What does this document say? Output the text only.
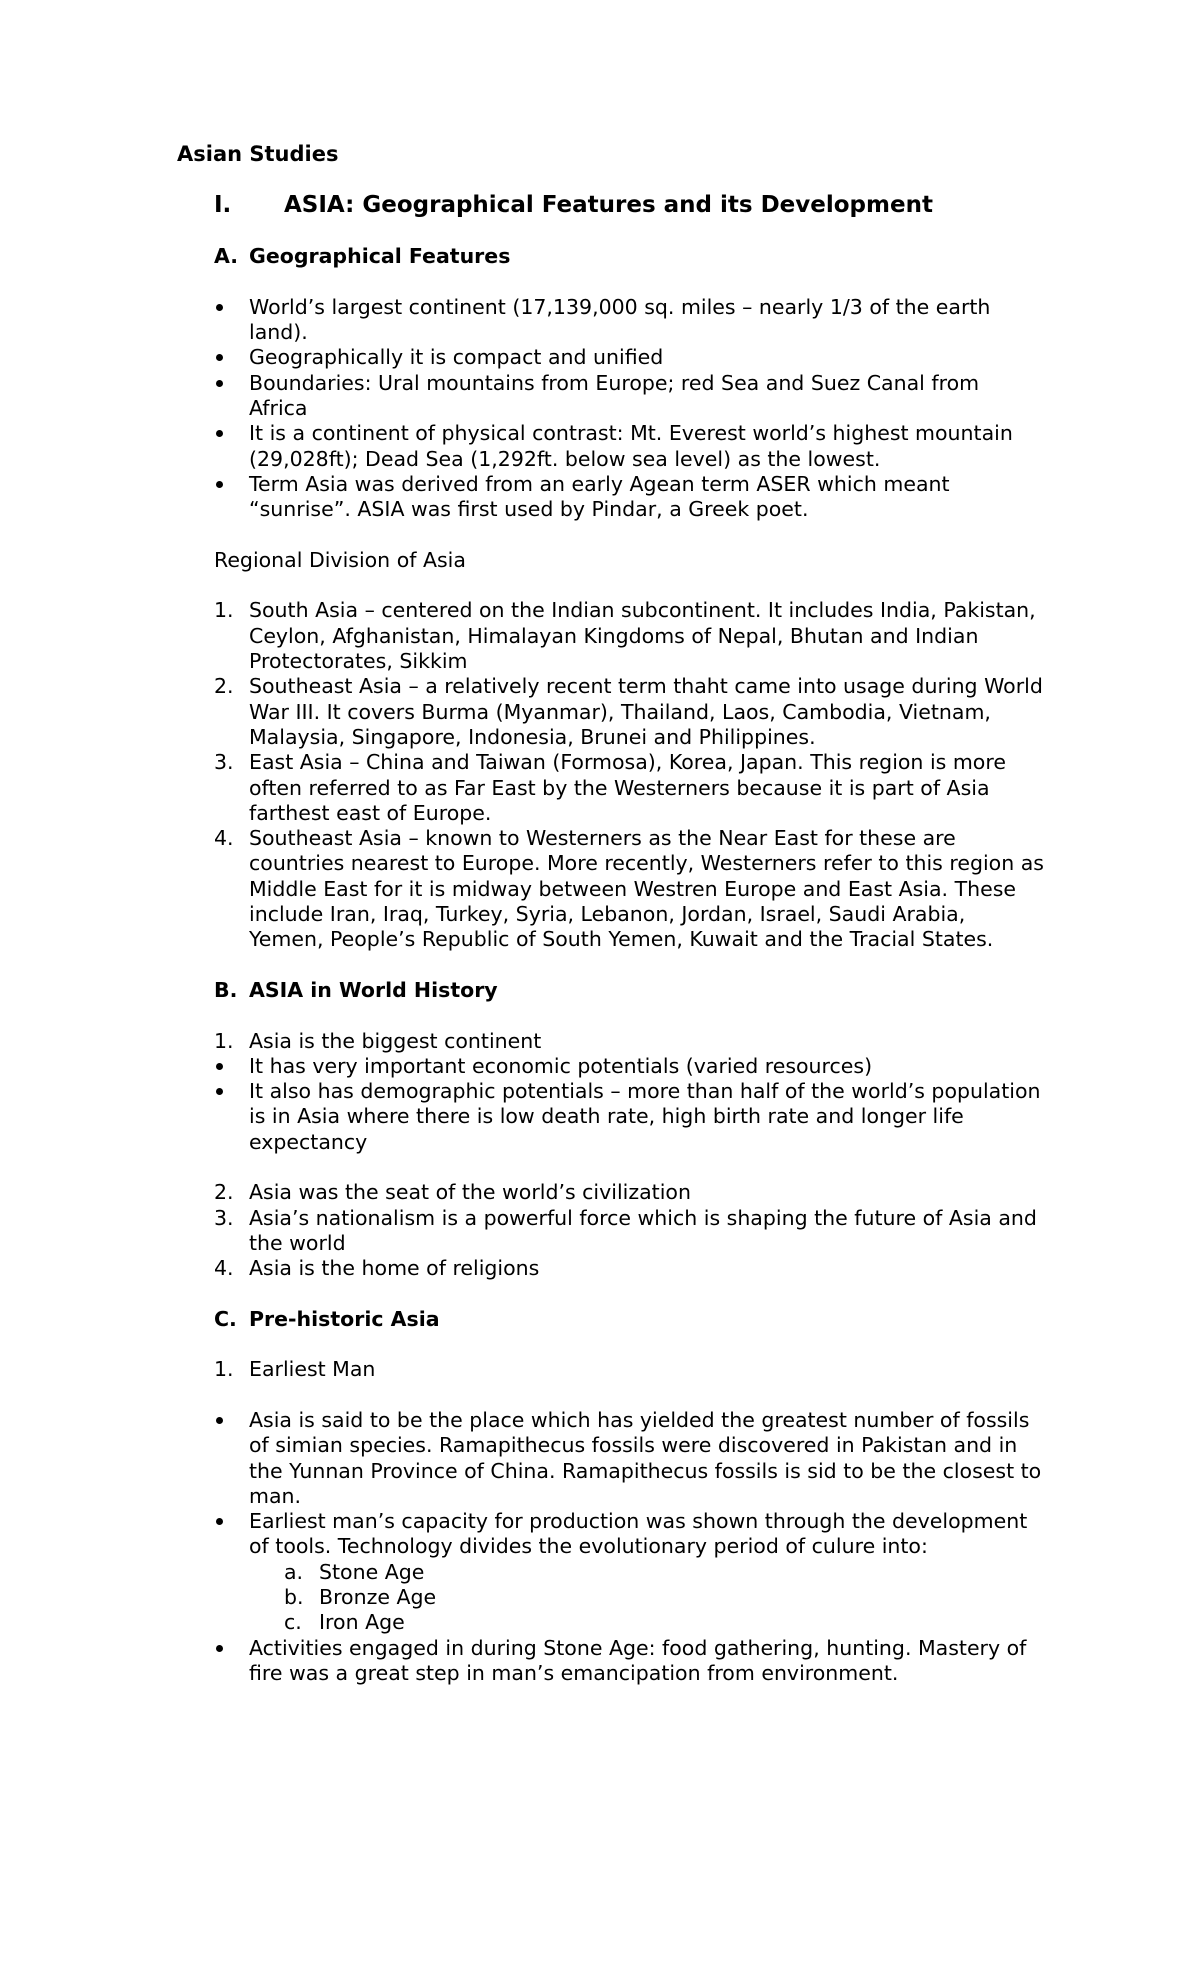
Asian Studies
I.	ASIA: Geographical Features and its Development
A. Geographical Features
World’s largest continent (17,139,000 sq. miles – nearly 1/3 of the earth land).
Geographically it is compact and unified
Boundaries: Ural mountains from Europe; red Sea and Suez Canal from Africa
It is a continent of physical contrast: Mt. Everest world’s highest mountain (29,028ft); Dead Sea (1,292ft. below sea level) as the lowest.
Term Asia was derived from an early Agean term ASER which meant “sunrise”. ASIA was first used by Pindar, a Greek poet.
Regional Division of Asia
1. South Asia – centered on the Indian subcontinent. It includes India, Pakistan, Ceylon, Afghanistan, Himalayan Kingdoms of Nepal, Bhutan and Indian Protectorates, Sikkim
2. Southeast Asia – a relatively recent term thaht came into usage during World War III. It covers Burma (Myanmar), Thailand, Laos, Cambodia, Vietnam, Malaysia, Singapore, Indonesia, Brunei and Philippines.
3. East Asia – China and Taiwan (Formosa), Korea, Japan. This region is more often referred to as Far East by the Westerners because it is part of Asia farthest east of Europe.
4. Southeast Asia – known to Westerners as the Near East for these are countries nearest to Europe. More recently, Westerners refer to this region as Middle East for it is midway between Westren Europe and East Asia. These include Iran, Iraq, Turkey, Syria, Lebanon, Jordan, Israel, Saudi Arabia, Yemen, People’s Republic of South Yemen, Kuwait and the Tracial States.
B. ASIA in World History
1. Asia is the biggest continent
It has very important economic potentials (varied resources)
It also has demographic potentials – more than half of the world’s population is in Asia where there is low death rate, high birth rate and longer life expectancy
2. Asia was the seat of the world’s civilization
3. Asia’s nationalism is a powerful force which is shaping the future of Asia and the world
4. Asia is the home of religions
C. Pre-historic Asia
1. Earliest Man
Asia is said to be the place which has yielded the greatest number of fossils of simian species. Ramapithecus fossils were discovered in Pakistan and in the Yunnan Province of China. Ramapithecus fossils is sid to be the closest to man.
Earliest man’s capacity for production was shown through the development of tools. Technology divides the evolutionary period of culure into:
a. Stone Age
b. Bronze Age
c. Iron Age
Activities engaged in during Stone Age: food gathering, hunting. Mastery of fire was a great step in man’s emancipation from environment.
